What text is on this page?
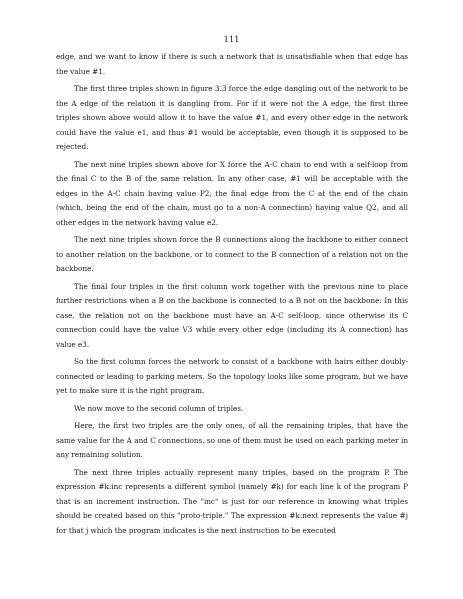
111

edge, and we want to know if there is such a network that is unsatisfiable when that edge has the value #1.

The first three triples shown in figure 3.3 force the edge dangling out of the network to be the A edge of the relation it is dangling from. For if it were not the A edge, the first three triples shown above would allow it to have the value #1, and every other edge in the network could have the value e1, and thus #1 would be acceptable, even though it is supposed to be rejected.

The next nine triples shown above for X force the A-C chain to end with a self-loop from the final C to the B of the same relation. In any other case, #1 will be acceptable with the edges in the A-C chain having value P2, the final edge from the C at the end of the chain (which, being the end of the chain, must go to a non-A connection) having value Q2, and all other edges in the network having value e2.

The next nine triples shown force the B connections along the backbone to either connect to another relation on the backbone, or to connect to the B connection of a relation not on the backbone.

The final four triples in the first column work together with the previous nine to place further restrictions when a B on the backbone is connected to a B not on the backbone: In this case, the relation not on the backbone must have an A-C self-loop, since otherwise its C connection could have the value V3 while every other edge (including its A connection) has value e3.

So the first column forces the network to consist of a backbone with hairs either doubly-connected or leading to parking meters. So the topology looks like some program, but we have yet to make sure it is the right program.

We now move to the second column of triples.

Here, the first two triples are the only ones, of all the remaining triples, that have the same value for the A and C connections, so one of them must be used on each parking meter in any remaining solution.

The next three triples actually represent many triples, based on the program P. The expression #k:inc represents a different symbol (namely #k) for each line k of the program P that is an increment instruction. The "inc" is just for our reference in knowing what triples should be created based on this "proto-triple." The expression #k:next represents the value #j for that j which the program indicates is the next instruction to be executed
